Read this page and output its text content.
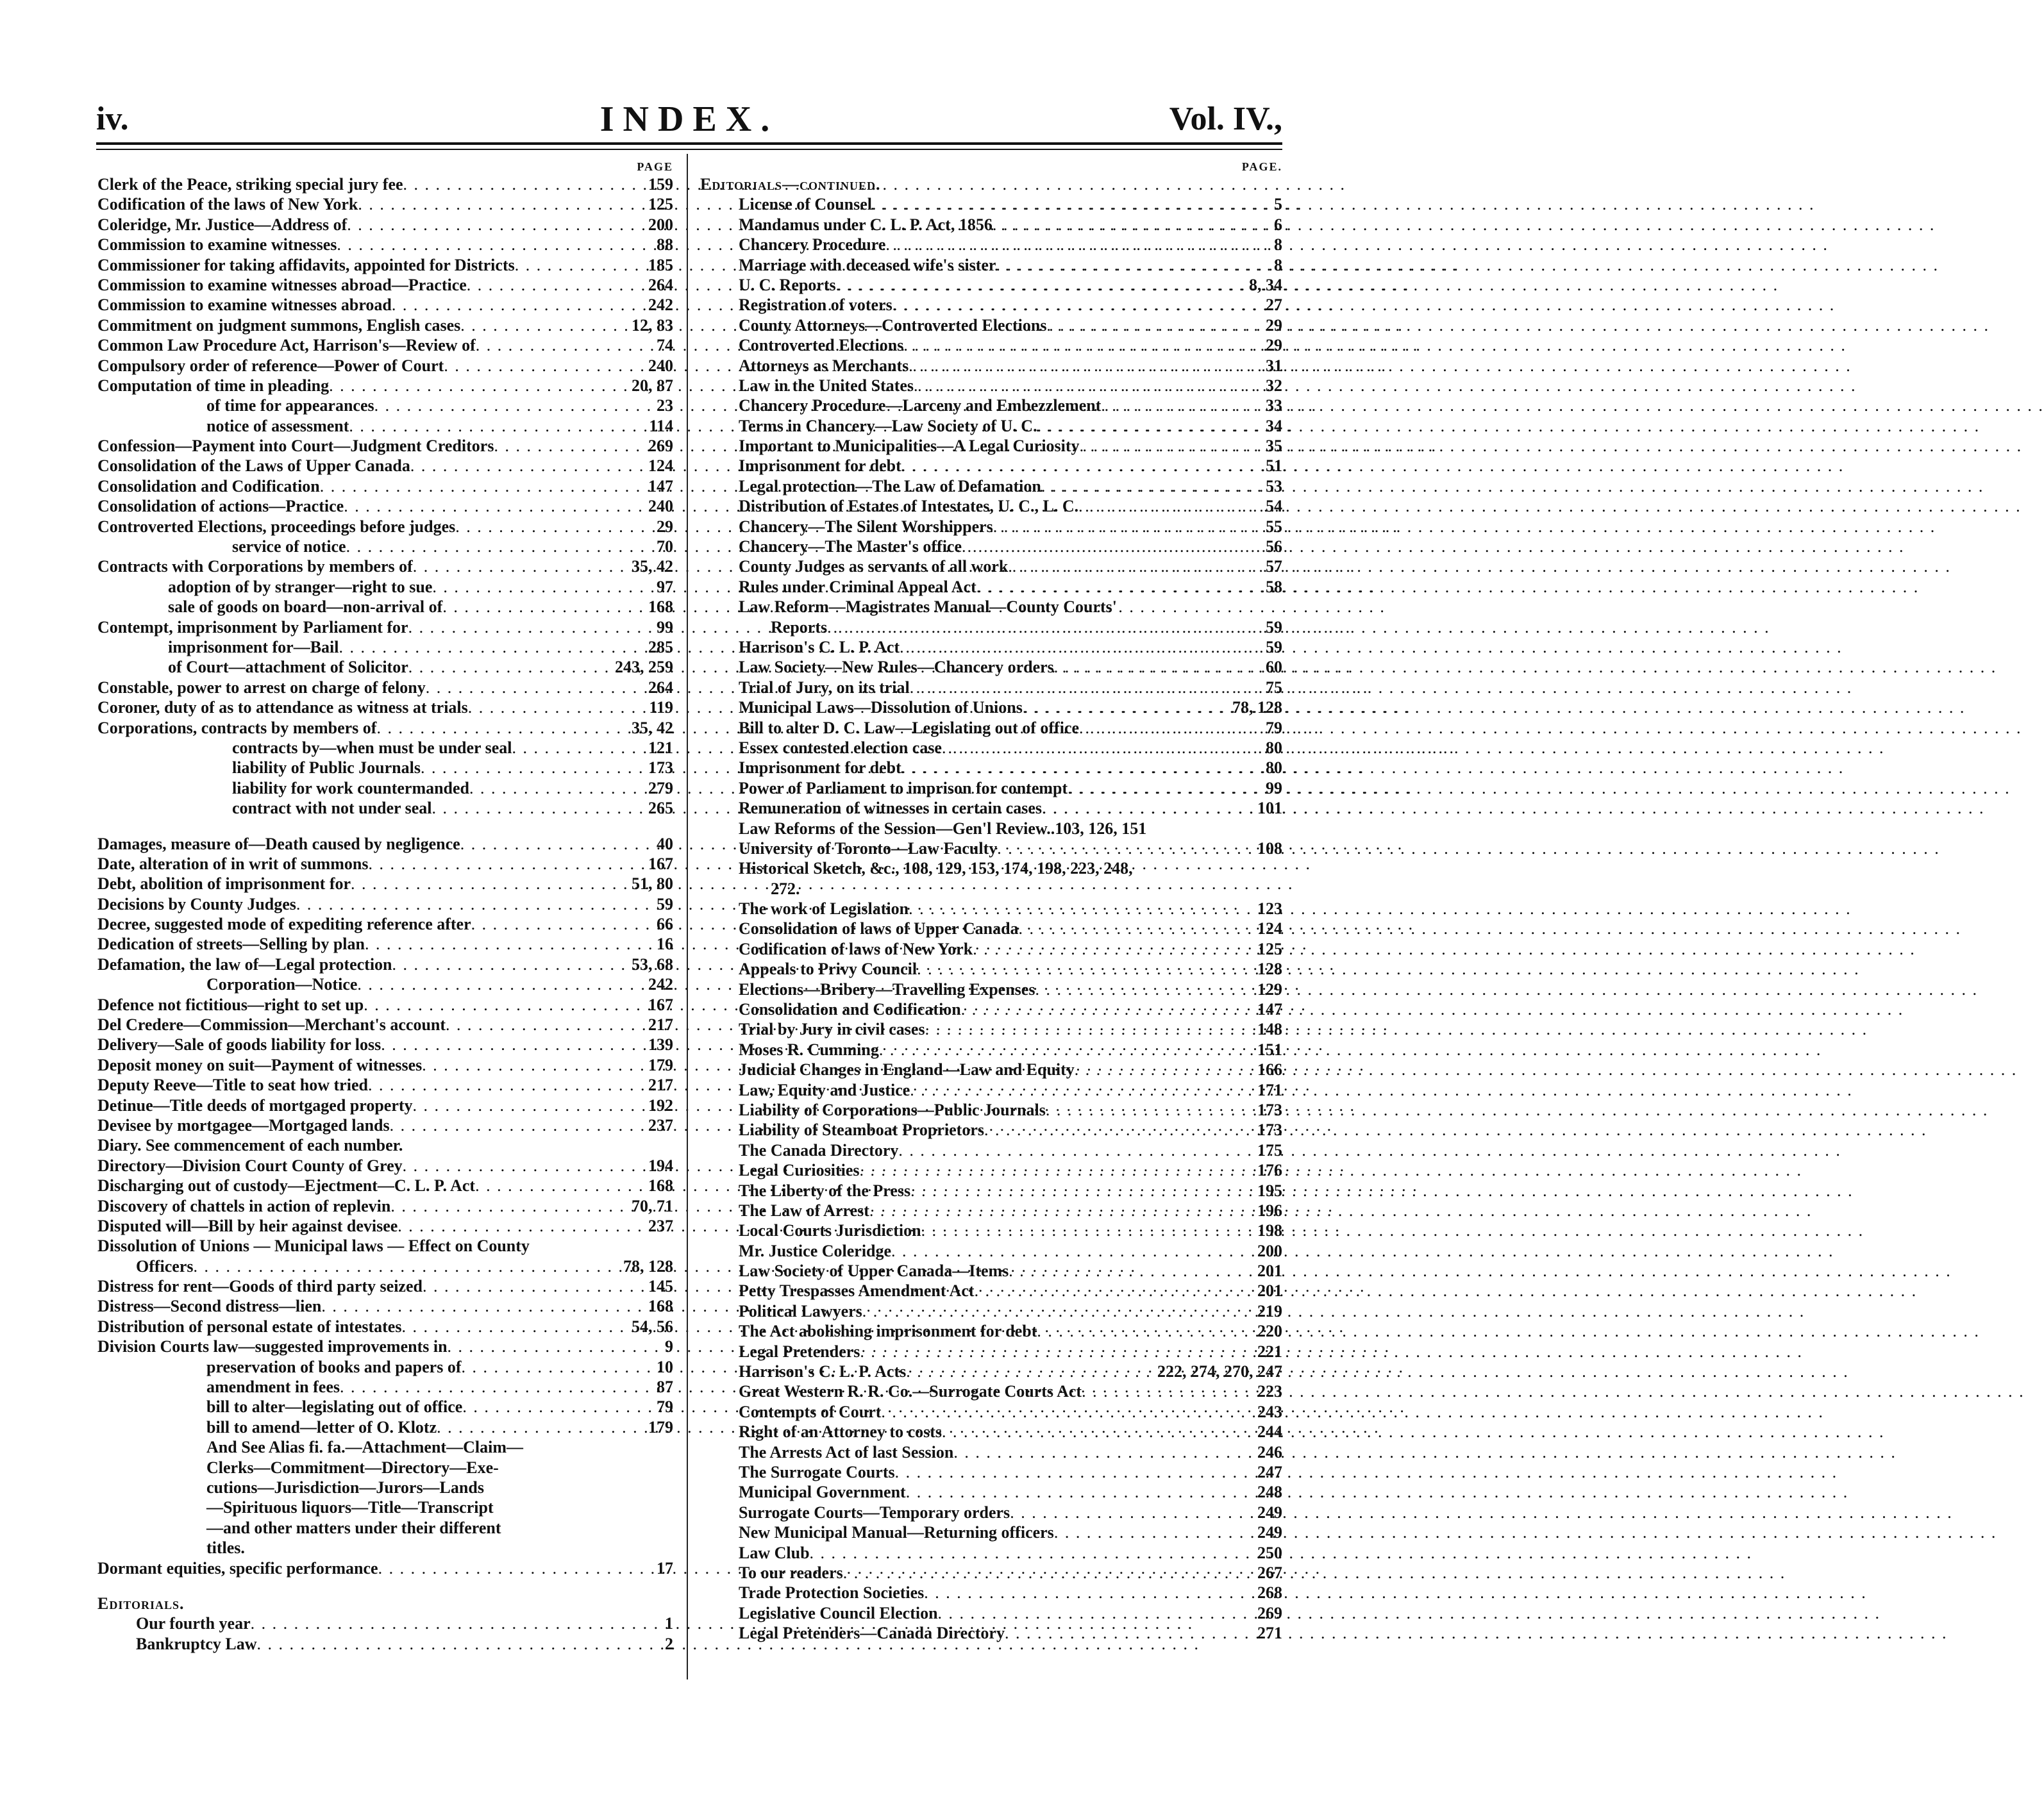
iv.	INDEX.	Vol. IV.,
PAGE
Clerk of the Peace, striking special jury fee . . .	159
Codification of the laws of New York . . .	125
Coleridge, Mr. Justice—Address of . . .	200
Commission to examine witnesses . . .	88
Commissioner for taking affidavits, appointed for Districts . . .	185
Commission to examine witnesses abroad—Practice . . .	264
Commission to examine witnesses abroad . . .	242
Commitment on judgment summons, English cases . . .	12, 83
Common Law Procedure Act, Harrison's—Review of . . .	74
Compulsory order of reference—Power of Court . . .	240
Computation of time in pleading . . .	20, 87
of time for appearances . . .	23
notice of assessment . . .	114
Confession—Payment into Court—Judgment Creditors . . .	269
Consolidation of the Laws of Upper Canada . . .	124
Consolidation and Codification . . .	147
Consolidation of actions—Practice . . .	240
Controverted Elections, proceedings before judges . . .	29
service of notice . . .	70
Contracts with Corporations by members of . . .	35, 42
adoption of by stranger—right to sue . . .	97
sale of goods on board—non-arrival of . . .	168
Contempt, imprisonment by Parliament for . . .	99
imprisonment for—Bail . . .	285
of Court—attachment of Solicitor . . .	243, 259
Constable, power to arrest on charge of felony . . .	264
Coroner, duty of as to attendance as witness at trials . . .	119
Corporations, contracts by members of . . .	35, 42
contracts by—when must be under seal . . .	121
liability of Public Journals . . .	173
liability for work countermanded . . .	279
contract with not under seal . . .	265
Damages, measure of—Death caused by negligence . . .	40
Date, alteration of in writ of summons . . .	167
Debt, abolition of imprisonment for . . .	51, 80
Decisions by County Judges . . .	59
Decree, suggested mode of expediting reference after . . .	66
Dedication of streets—Selling by plan . . .	16
Defamation, the law of—Legal protection . . .	53, 68
Corporation—Notice . . .	242
Defence not fictitious—right to set up . . .	167
Del Credere—Commission—Merchant's account . . .	217
Delivery—Sale of goods liability for loss . . .	139
Deposit money on suit—Payment of witnesses . . .	179
Deputy Reeve—Title to seat how tried . . .	217
Detinue—Title deeds of mortgaged property . . .	192
Devisee by mortgagee—Mortgaged lands . . .	237
Diary. See commencement of each number.
Directory—Division Court County of Grey . . .	194
Discharging out of custody—Ejectment—C. L. P. Act . . .	168
Discovery of chattels in action of replevin . . .	70, 71
Disputed will—Bill by heir against devisee . . .	237
Dissolution of Unions — Municipal laws — Effect on County
Officers . . .	78, 128
Distress for rent—Goods of third party seized . . .	145
Distress—Second distress—lien . . .	168
Distribution of personal estate of intestates . . .	54, 56
Division Courts law—suggested improvements in . . .	9
preservation of books and papers of . . .	10
amendment in fees . . .	87
bill to alter—legislating out of office . . .	79
bill to amend—letter of O. Klotz . . .	179
And See Alias fi. fa.—Attachment—Claim—
Clerks—Commitment—Directory—Exe-
cutions—Jurisdiction—Jurors—Lands
—Spirituous liquors—Title—Transcript
—and other matters under their different
titles.
Dormant equities, specific performance . . .	17
Editorials.
Our fourth year . . .	1
Bankruptcy Law . . .	2
PAGE.
Editorials—continued.
License of Counsel . . .	5
Mandamus under C. L. P. Act, 1856 . . .	6
Chancery Procedure . . .	8
Marriage with deceased wife's sister . . .	8
U. C. Reports . . .	8, 34
Registration of voters . . .	27
County Attorneys—Controverted Elections . . .	29
Controverted Elections . . .	29
Attorneys as Merchants . . .	31
Law in the United States . . .	32
Chancery Procedure—Larceny and Embezzlement . . .	33
Terms in Chancery—Law Society of U. C. . . .	34
Important to Municipalities—A Legal Curiosity . . .	35
Imprisonment for debt . . .	51
Legal protection—The Law of Defamation . . .	53
Distribution of Estates of Intestates, U. C., L. C. . . .	54
Chancery—The Silent Worshippers . . .	55
Chancery—The Master's office . . .	56
County Judges as servants of all work . . .	57
Rules under Criminal Appeal Act . . .	58
Law Reform—Magistrates Manual—County Courts'
Reports . . .	59
Harrison's C. L. P. Act . . .	59
Law Society—New Rules—Chancery orders . . .	60
Trial of Jury, on its trial . . .	75
Municipal Laws—Dissolution of Unions . . .	78, 128
Bill to alter D. C. Law—Legislating out of office . . .	79
Essex contested election case . . .	80
Imprisonment for debt . . .	80
Power of Parliament to imprison for contempt . . .	99
Remuneration of witnesses in certain cases . . .	101
Law Reforms of the Session—Gen'l Review..103, 126, 151
University of Toronto—Law Faculty . . .	108
Historical Sketch, &c., 108, 129, 153, 174, 198, 223, 248,
272.
The work of Legislation . . .	123
Consolidation of laws of Upper Canada . . .	124
Codification of laws of New York . . .	125
Appeals to Privy Council . . .	128
Elections—Bribery—Travelling Expenses . . .	129
Consolidation and Codification . . .	147
Trial by Jury in civil cases . . .	148
Moses R. Cumming . . .	151
Judicial Changes in England—Law and Equity . . .	166
Law, Equity and Justice . . .	171
Liability of Corporations—Public Journals . . .	173
Liability of Steamboat Proprietors . . .	173
The Canada Directory . . .	175
Legal Curiosities . . .	176
The Liberty of the Press . . .	195
The Law of Arrest . . .	196
Local Courts Jurisdiction . . .	198
Mr. Justice Coleridge . . .	200
Law Society of Upper Canada—Items . . .	201
Petty Trespasses Amendment Act . . .	201
Political Lawyers . . .	219
The Act abolishing imprisonment for debt . . .	220
Legal Pretenders . . .	221
Harrison's C. L. P. Acts . . .	222, 274, 270, 247
Great Western R. R. Co.—Surrogate Courts Act . . .	223
Contempts of Court . . .	243
Right of an Attorney to costs . . .	244
The Arrests Act of last Session . . .	246
The Surrogate Courts . . .	247
Municipal Government . . .	248
Surrogate Courts—Temporary orders . . .	249
New Municipal Manual—Returning officers . . .	249
Law Club . . .	250
To our readers . . .	267
Trade Protection Societies . . .	268
Legislative Council Election . . .	269
Legal Pretenders—Canada Directory . . .	271
